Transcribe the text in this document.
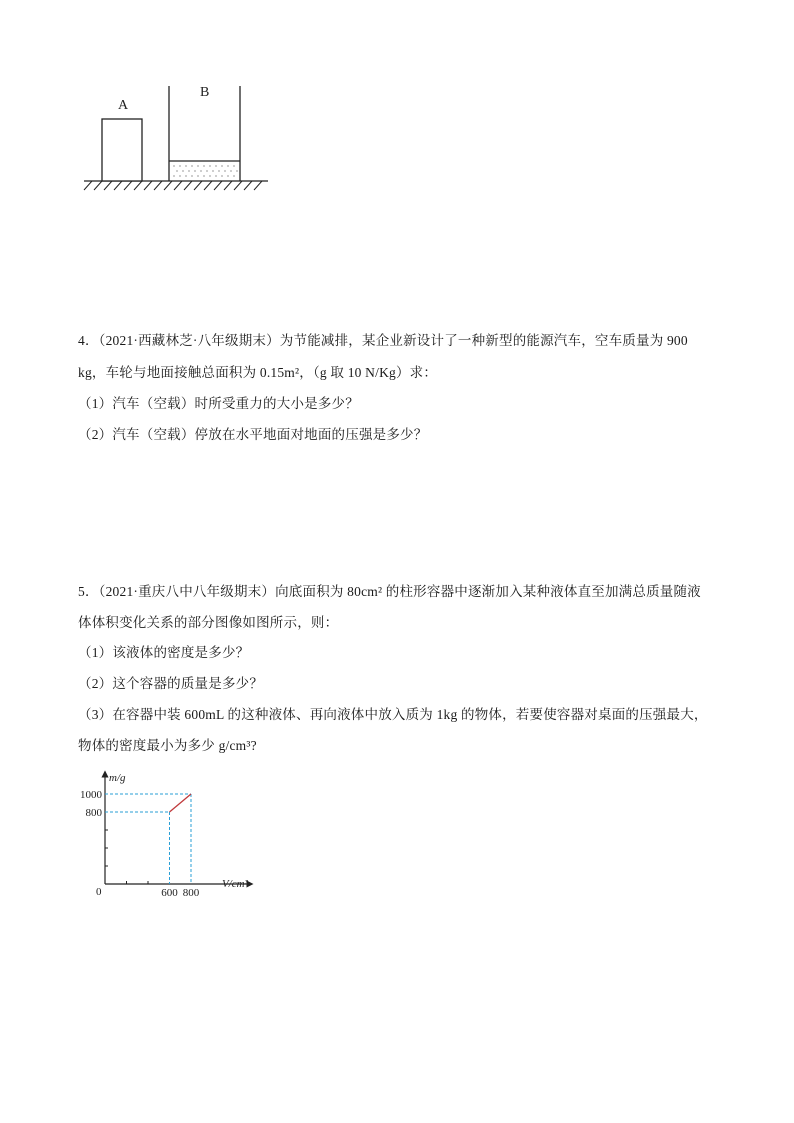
A
B
4．（2021·西藏林芝·八年级期末）为节能减排，某企业新设计了一种新型的能源汽车，空车质量为 900
kg，车轮与地面接触总面积为 0.15m²，（g 取 10 N/Kg）求：
（1）汽车（空载）时所受重力的大小是多少？
（2）汽车（空载）停放在水平地面对地面的压强是多少？
5．（2021·重庆八中八年级期末）向底面积为 80cm² 的柱形容器中逐渐加入某种液体直至加满总质量随液
体体积变化关系的部分图像如图所示，则：
（1）该液体的密度是多少？
（2）这个容器的质量是多少？
（3）在容器中装 600mL 的这种液体、再向液体中放入质为 1kg 的物体，若要使容器对桌面的压强最大，
物体的密度最小为多少 g/cm³?
m/g
V/cm³
0
800
1000
600 800
